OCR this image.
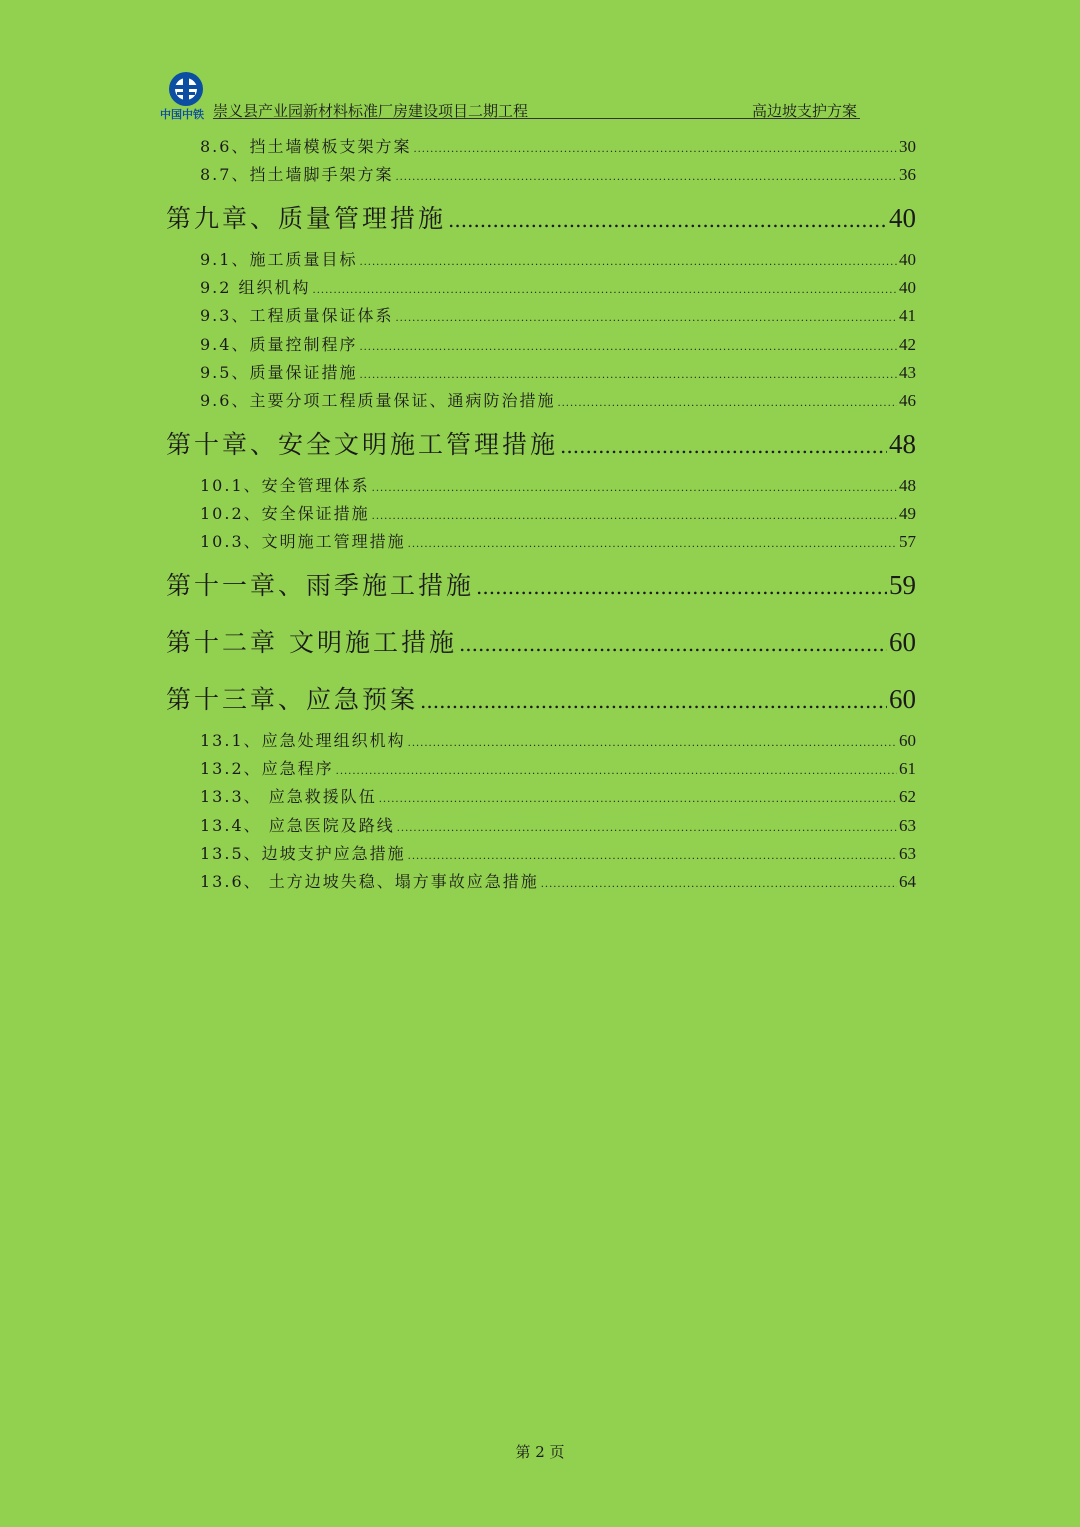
中国中铁 崇义县产业园新材料标准厂房建设项目二期工程	高边坡支护方案
8.6、挡土墙模板支架方案 .....	30
8.7、挡土墙脚手架方案 .....	36
第九章、质量管理措施 .....	40
9.1、施工质量目标 .....	40
9.2 组织机构 .....	40
9.3、工程质量保证体系 .....	41
9.4、质量控制程序 .....	42
9.5、质量保证措施 .....	43
9.6、主要分项工程质量保证、通病防治措施 .....	46
第十章、安全文明施工管理措施 .....	48
10.1、安全管理体系 .....	48
10.2、安全保证措施 .....	49
10.3、文明施工管理措施 .....	57
第十一章、雨季施工措施 .....	59
第十二章 文明施工措施 .....	60
第十三章、应急预案 .....	60
13.1、应急处理组织机构 .....	60
13.2、应急程序 .....	61
13.3、 应急救援队伍 .....	62
13.4、 应急医院及路线 .....	63
13.5、边坡支护应急措施 .....	63
13.6、 土方边坡失稳、塌方事故应急措施 .....	64
第 2 页
